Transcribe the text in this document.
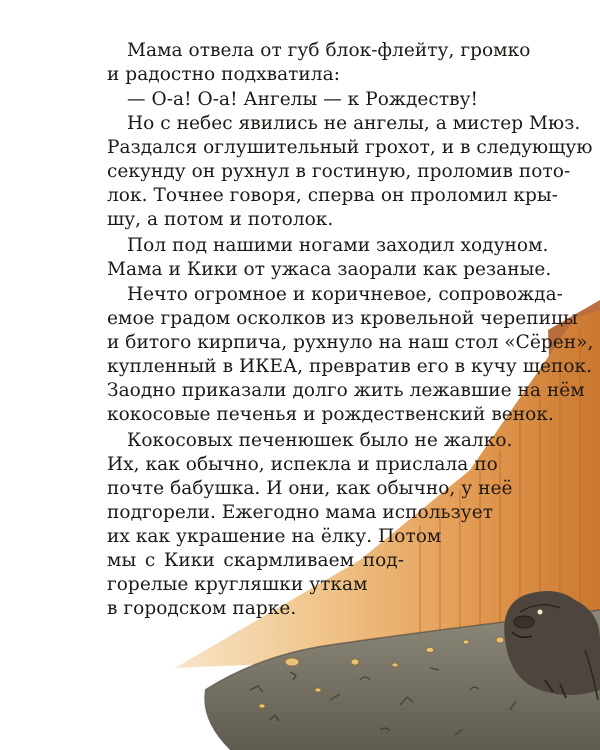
Мама отвела от губ блок-флейту, громко
и радостно подхватила:
— О-а! О-а! Ангелы — к Рождеству!
Но с небес явились не ангелы, а мистер Мюз.
Раздался оглушительный грохот, и в следующую
секунду он рухнул в гостиную, проломив пото-
лок. Точнее говоря, сперва он проломил кры-
шу, а потом и потолок.
Пол под нашими ногами заходил ходуном.
Мама и Кики от ужаса заорали как резаные.
Нечто огромное и коричневое, сопровожда-
емое градом осколков из кровельной черепицы
и битого кирпича, рухнуло на наш стол «Сёрен»,
купленный в ИКЕА, превратив его в кучу щепок.
Заодно приказали долго жить лежавшие на нём
кокосовые печенья и рождественский венок.
Кокосовых печенюшек было не жалко.
Их, как обычно, испекла и прислала по
почте бабушка. И они, как обычно, у неё
подгорели. Ежегодно мама использует
их как украшение на ёлку. Потом
мы с Кики скармливаем под-
горелые кругляшки уткам
в городском парке.
